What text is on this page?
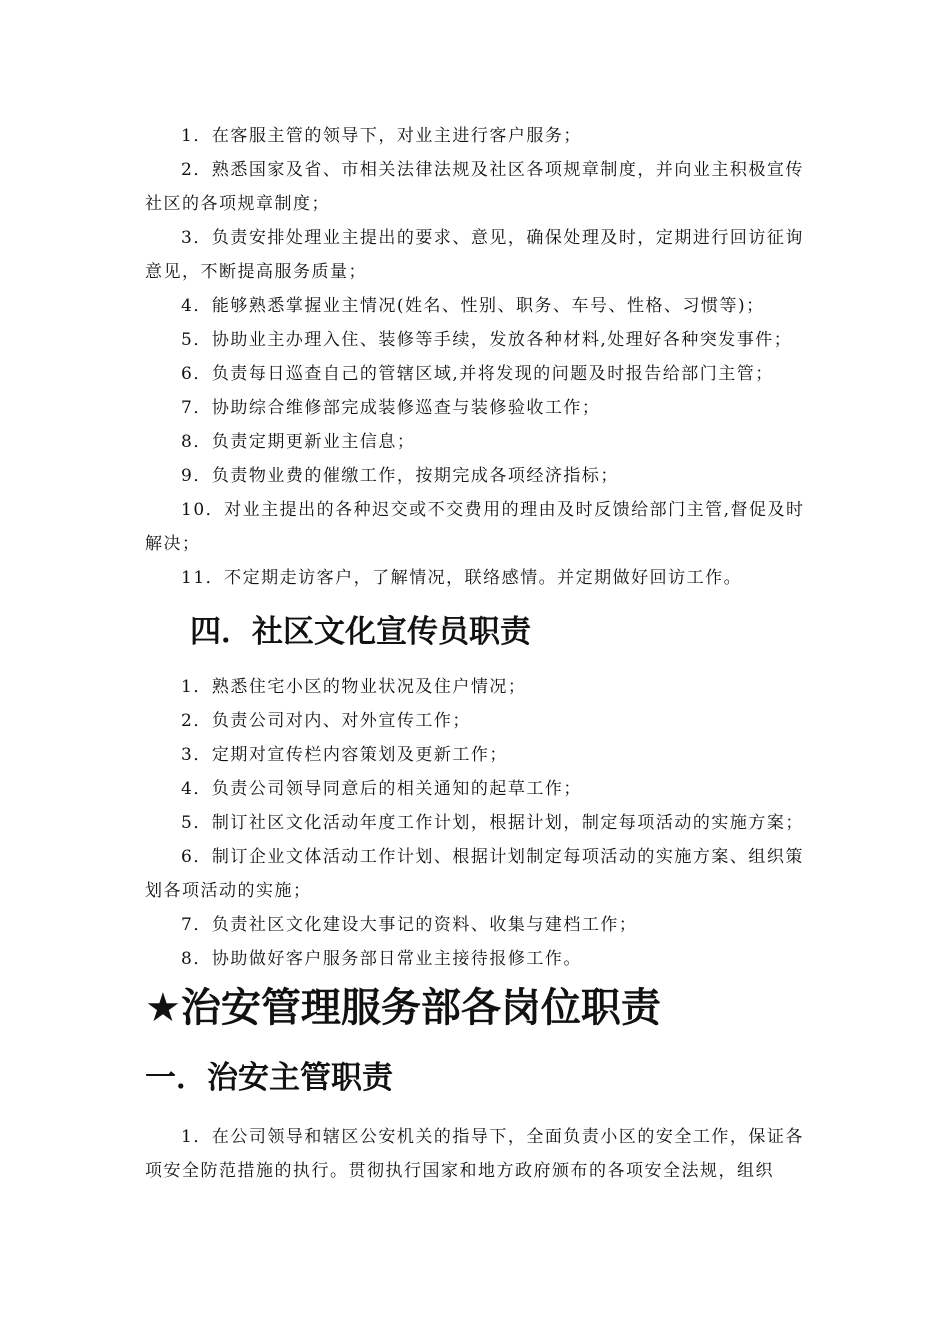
1．在客服主管的领导下，对业主进行客户服务；

2．熟悉国家及省、市相关法律法规及社区各项规章制度，并向业主积极宣传社区的各项规章制度；

3．负责安排处理业主提出的要求、意见，确保处理及时，定期进行回访征询意见，不断提高服务质量；

4．能够熟悉掌握业主情况(姓名、性别、职务、车号、性格、习惯等)；

5．协助业主办理入住、装修等手续，发放各种材料,处理好各种突发事件；

6．负责每日巡查自己的管辖区域,并将发现的问题及时报告给部门主管；

7．协助综合维修部完成装修巡查与装修验收工作；

8．负责定期更新业主信息；

9．负责物业费的催缴工作，按期完成各项经济指标；

10．对业主提出的各种迟交或不交费用的理由及时反馈给部门主管,督促及时解决；

11．不定期走访客户，了解情况，联络感情。并定期做好回访工作。

四．社区文化宣传员职责

1．熟悉住宅小区的物业状况及住户情况；

2．负责公司对内、对外宣传工作；

3．定期对宣传栏内容策划及更新工作；

4．负责公司领导同意后的相关通知的起草工作；

5．制订社区文化活动年度工作计划，根据计划，制定每项活动的实施方案；

6．制订企业文体活动工作计划、根据计划制定每项活动的实施方案、组织策划各项活动的实施；

7．负责社区文化建设大事记的资料、收集与建档工作；

8．协助做好客户服务部日常业主接待报修工作。

★治安管理服务部各岗位职责
一．治安主管职责

1．在公司领导和辖区公安机关的指导下，全面负责小区的安全工作，保证各项安全防范措施的执行。贯彻执行国家和地方政府颁布的各项安全法规，组织
